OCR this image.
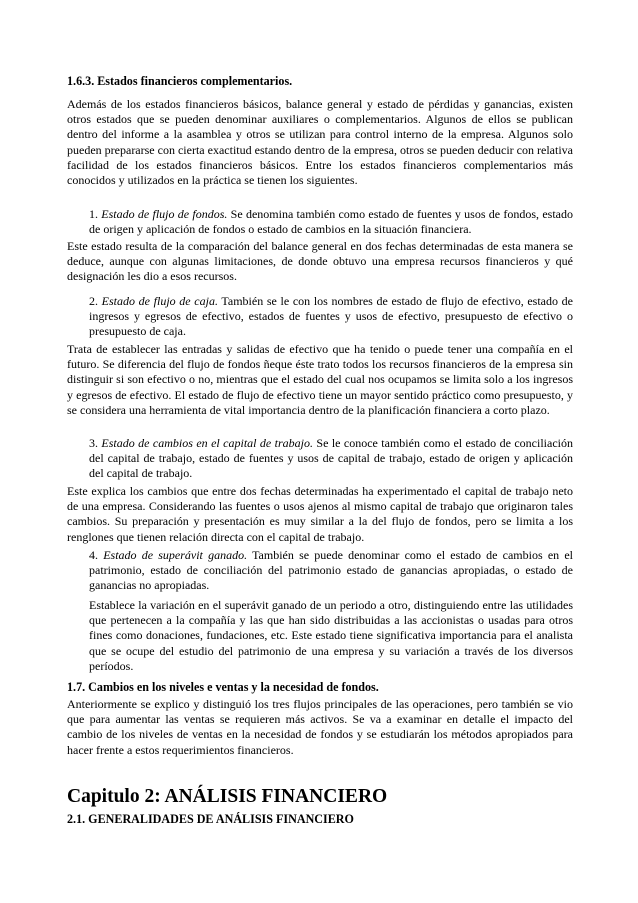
1.6.3. Estados financieros complementarios.

Además de los estados financieros básicos, balance general y estado de pérdidas y ganancias, existen otros estados que se pueden denominar auxiliares o complementarios. Algunos de ellos se publican dentro del informe a la asamblea y otros se utilizan para control interno de la empresa. Algunos solo pueden prepararse con cierta exactitud estando dentro de la empresa, otros se pueden deducir con relativa facilidad de los estados financieros básicos. Entre los estados financieros complementarios más conocidos y utilizados en la práctica se tienen los siguientes.

1. Estado de flujo de fondos. Se denomina también como estado de fuentes y usos de fondos, estado de origen y aplicación de fondos o estado de cambios en la situación financiera.

Este estado resulta de la comparación del balance general en dos fechas determinadas de esta manera se deduce, aunque con algunas limitaciones, de donde obtuvo una empresa recursos financieros y qué designación les dio a esos recursos.

2. Estado de flujo de caja. También se le con los nombres de estado de flujo de efectivo, estado de ingresos y egresos de efectivo, estados de fuentes y usos de efectivo, presupuesto de efectivo o presupuesto de caja.

Trata de establecer las entradas y salidas de efectivo que ha tenido o puede tener una compañía en el futuro. Se diferencia del flujo de fondos ñeque éste trato todos los recursos financieros de la empresa sin distinguir si son efectivo o no, mientras que el estado del cual nos ocupamos se limita solo a los ingresos y egresos de efectivo. El estado de flujo de efectivo tiene un mayor sentido práctico como presupuesto, y se considera una herramienta de vital importancia dentro de la planificación financiera a corto plazo.

3. Estado de cambios en el capital de trabajo. Se le conoce también como el estado de conciliación del capital de trabajo, estado de fuentes y usos de capital de trabajo, estado de origen y aplicación del capital de trabajo.

Este explica los cambios que entre dos fechas determinadas ha experimentado el capital de trabajo neto de una empresa. Considerando las fuentes o usos ajenos al mismo capital de trabajo que originaron tales cambios. Su preparación y presentación es muy similar a la del flujo de fondos, pero se limita a los renglones que tienen relación directa con el capital de trabajo.

4. Estado de superávit ganado. También se puede denominar como el estado de cambios en el patrimonio, estado de conciliación del patrimonio estado de ganancias apropiadas, o estado de ganancias no apropiadas.

Establece la variación en el superávit ganado de un periodo a otro, distinguiendo entre las utilidades que pertenecen a la compañía y las que han sido distribuidas a las accionistas o usadas para otros fines como donaciones, fundaciones, etc. Este estado tiene significativa importancia para el analista que se ocupe del estudio del patrimonio de una empresa y su variación a través de los diversos períodos.

1.7. Cambios en los niveles e ventas y la necesidad de fondos.

Anteriormente se explico y distinguió los tres flujos principales de las operaciones, pero también se vio que para aumentar las ventas se requieren más activos. Se va a examinar en detalle el impacto del cambio de los niveles de ventas en la necesidad de fondos y se estudiarán los métodos apropiados para hacer frente a estos requerimientos financieros.

Capitulo 2: ANÁLISIS FINANCIERO
2.1. GENERALIDADES DE ANÁLISIS FINANCIERO
